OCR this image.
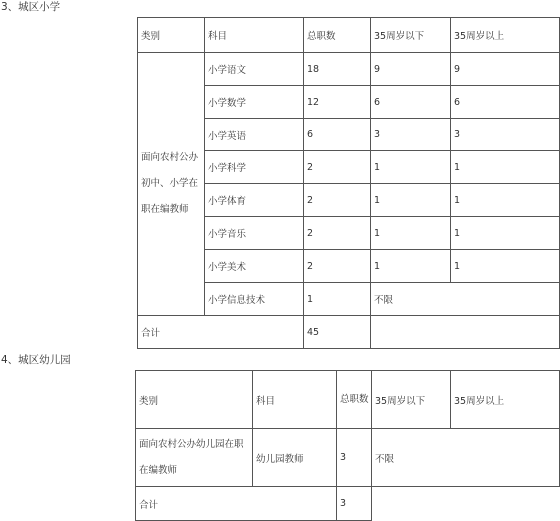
3、城区小学
类别	科目	总职数	35周岁以下	35周岁以上
面向农村公办初中、小学在职在编教师	小学语文	18	9	9
	小学数学	12	6	6
	小学英语	6	3	3
	小学科学	2	1	1
	小学体育	2	1	1
	小学音乐	2	1	1
	小学美术	2	1	1
	小学信息技术	1	不限	
合计		45		
4、城区幼儿园
类别	科目	总职数	35周岁以下	35周岁以上
面向农村公办幼儿园在职在编教师	幼儿园教师	3	不限	
合计		3		
